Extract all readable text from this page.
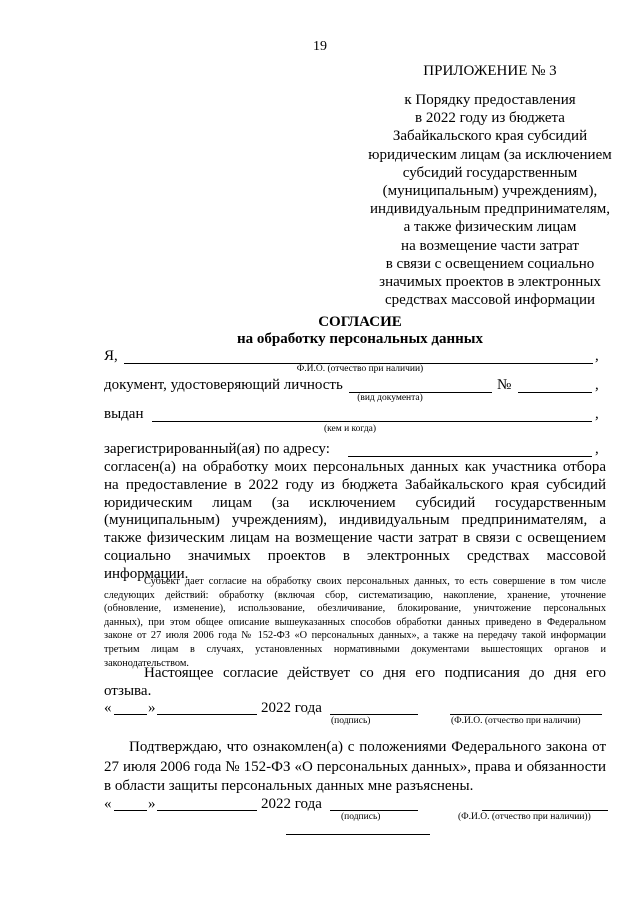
19
ПРИЛОЖЕНИЕ № 3
к Порядку предоставления
в 2022 году из бюджета
Забайкальского края субсидий
юридическим лицам (за исключением
субсидий государственным
(муниципальным) учреждениям),
индивидуальным предпринимателям,
а также физическим лицам
на возмещение части затрат
в связи с освещением социально
значимых проектов в электронных
средствах массовой информации
СОГЛАСИЕ
на обработку персональных данных
Я,	,
Ф.И.О. (отчество при наличии)
документ, удостоверяющий личность	№	,
(вид документа)
выдан	,
(кем и когда)
зарегистрированный(ая) по адресу:	,
согласен(а) на обработку моих персональных данных как участника отбора
на предоставление в 2022 году из бюджета Забайкальского края субсидий
юридическим лицам (за исключением субсидий государственным
(муниципальным) учреждениям), индивидуальным предпринимателям, а
также физическим лицам на возмещение части затрат в связи с освещением
социально значимых проектов в электронных средствах массовой
информации.
Субъект дает согласие на обработку своих персональных данных, то есть совершение в том числе
следующих действий: обработку (включая сбор, систематизацию, накопление, хранение, уточнение
(обновление, изменение), использование, обезличивание, блокирование, уничтожение персональных
данных), при этом общее описание вышеуказанных способов обработки данных приведено в Федеральном
законе от 27 июля 2006 года № 152-ФЗ «О персональных данных», а также на передачу такой информации
третьим лицам в случаях, установленных нормативными документами вышестоящих органов и
законодательством.
Настоящее согласие действует со дня его подписания до дня его
отзыва.
« »	2022 года
(подпись)	(Ф.И.О. (отчество при наличии)
Подтверждаю, что ознакомлен(а) с положениями Федерального закона от
27 июля 2006 года № 152-ФЗ «О персональных данных», права и обязанности
в области защиты персональных данных мне разъяснены.
« »	2022 года
(подпись)	(Ф.И.О. (отчество при наличии))
